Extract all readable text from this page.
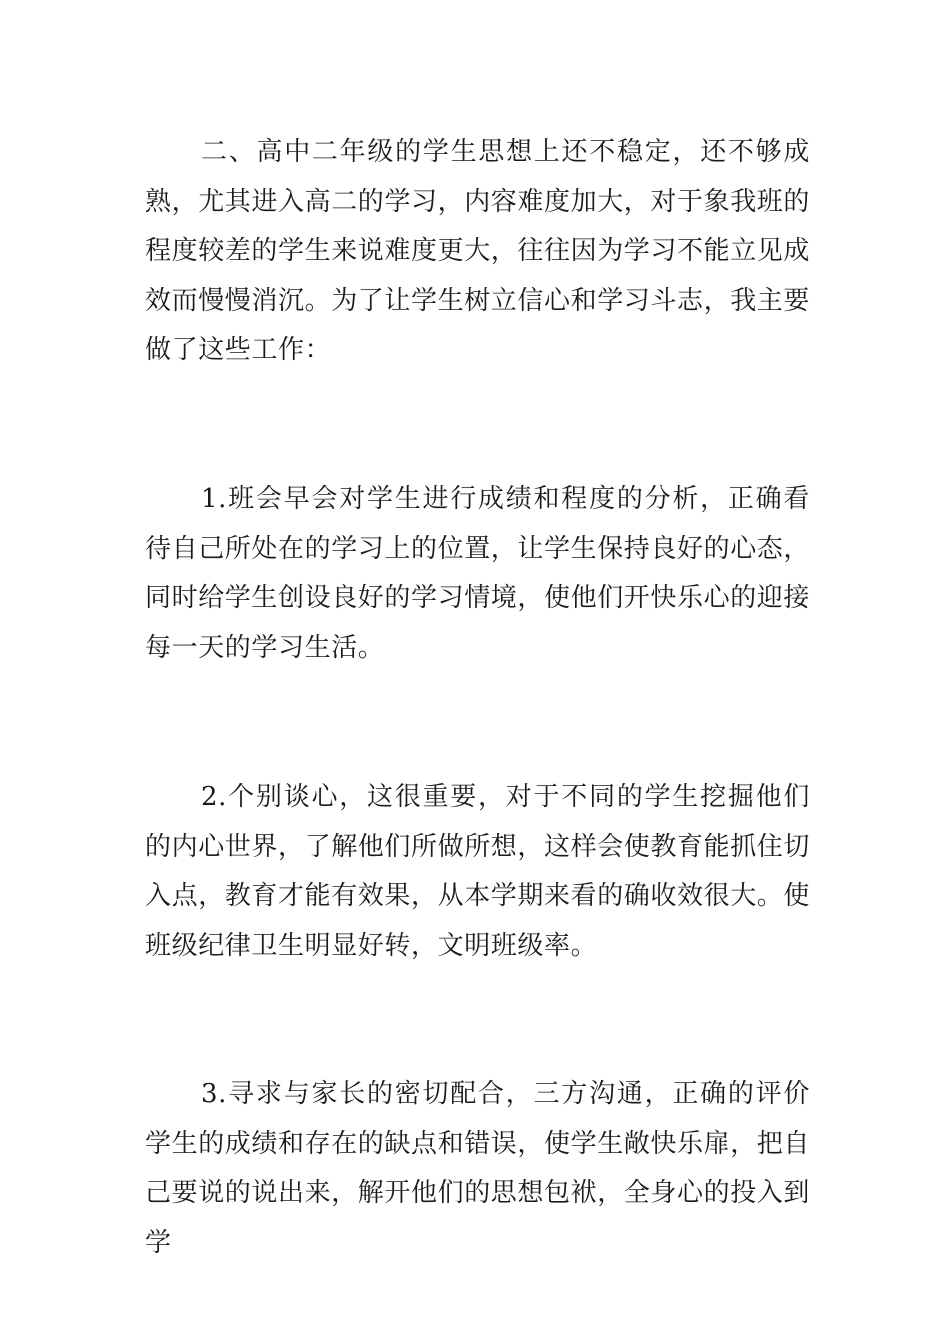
二、高中二年级的学生思想上还不稳定，还不够成熟，尤其进入高二的学习，内容难度加大，对于象我班的程度较差的学生来说难度更大，往往因为学习不能立见成效而慢慢消沉。为了让学生树立信心和学习斗志，我主要做了这些工作：

1.班会早会对学生进行成绩和程度的分析，正确看待自己所处在的学习上的位置，让学生保持良好的心态，同时给学生创设良好的学习情境，使他们开快乐心的迎接每一天的学习生活。

2.个别谈心，这很重要，对于不同的学生挖掘他们的内心世界，了解他们所做所想，这样会使教育能抓住切入点，教育才能有效果，从本学期来看的确收效很大。使班级纪律卫生明显好转，文明班级率。

3.寻求与家长的密切配合，三方沟通，正确的评价学生的成绩和存在的缺点和错误，使学生敞快乐扉，把自己要说的说出来，解开他们的思想包袱，全身心的投入到学
